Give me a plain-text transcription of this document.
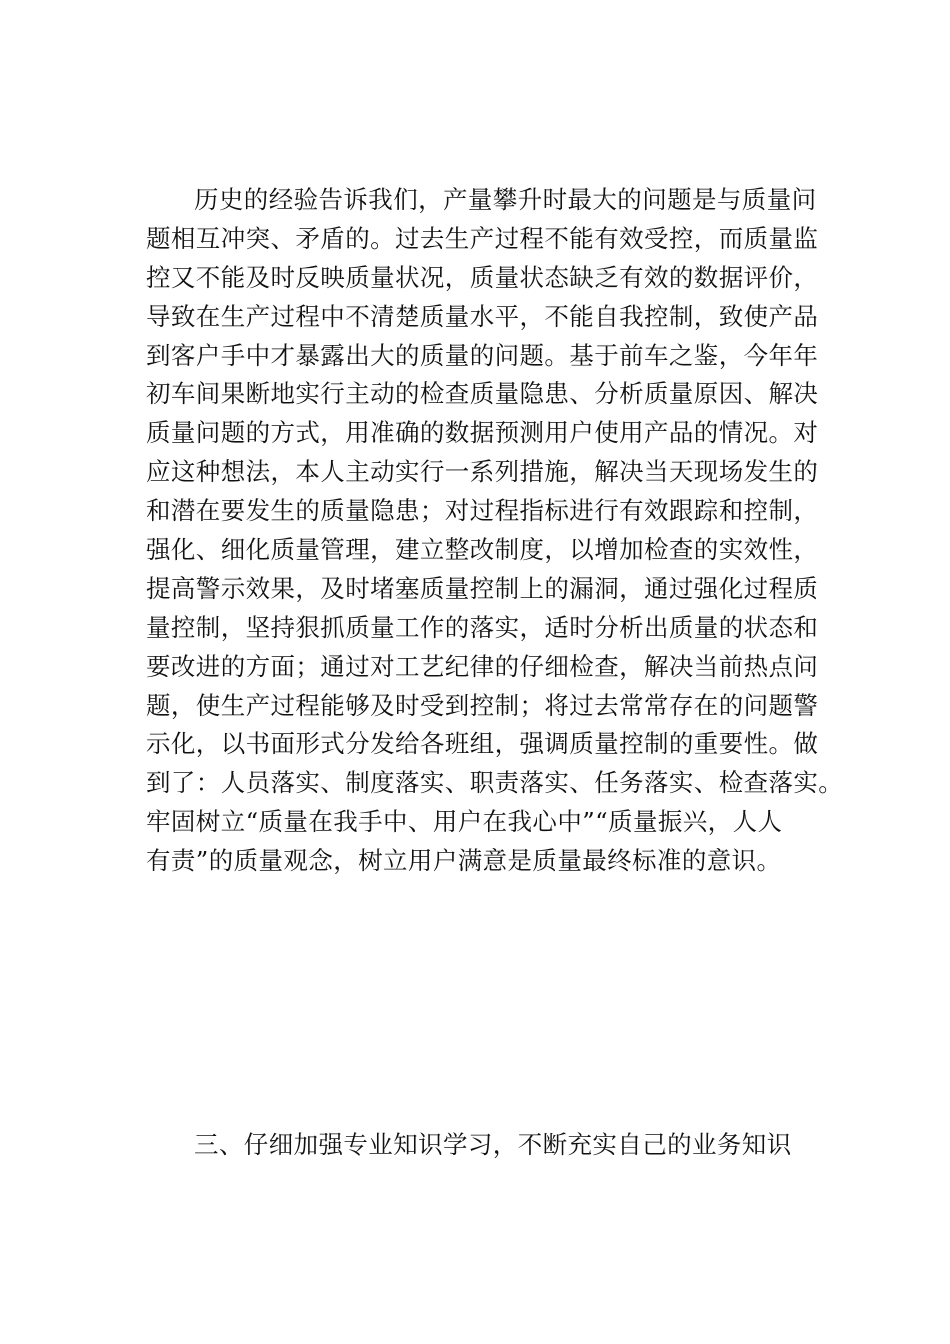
历史的经验告诉我们，产量攀升时最大的问题是与质量问
题相互冲突、矛盾的。过去生产过程不能有效受控，而质量监
控又不能及时反映质量状况，质量状态缺乏有效的数据评价，
导致在生产过程中不清楚质量水平，不能自我控制，致使产品
到客户手中才暴露出大的质量的问题。基于前车之鉴，今年年
初车间果断地实行主动的检查质量隐患、分析质量原因、解决
质量问题的方式，用准确的数据预测用户使用产品的情况。对
应这种想法，本人主动实行一系列措施，解决当天现场发生的
和潜在要发生的质量隐患；对过程指标进行有效跟踪和控制，
强化、细化质量管理，建立整改制度，以增加检查的实效性，
提高警示效果，及时堵塞质量控制上的漏洞，通过强化过程质
量控制，坚持狠抓质量工作的落实，适时分析出质量的状态和
要改进的方面；通过对工艺纪律的仔细检查，解决当前热点问
题，使生产过程能够及时受到控制；将过去常常存在的问题警
示化，以书面形式分发给各班组，强调质量控制的重要性。做
到了：人员落实、制度落实、职责落实、任务落实、检查落实。
牢固树立“质量在我手中、用户在我心中”“质量振兴，人人
有责”的质量观念，树立用户满意是质量最终标准的意识。
三、仔细加强专业知识学习，不断充实自己的业务知识
